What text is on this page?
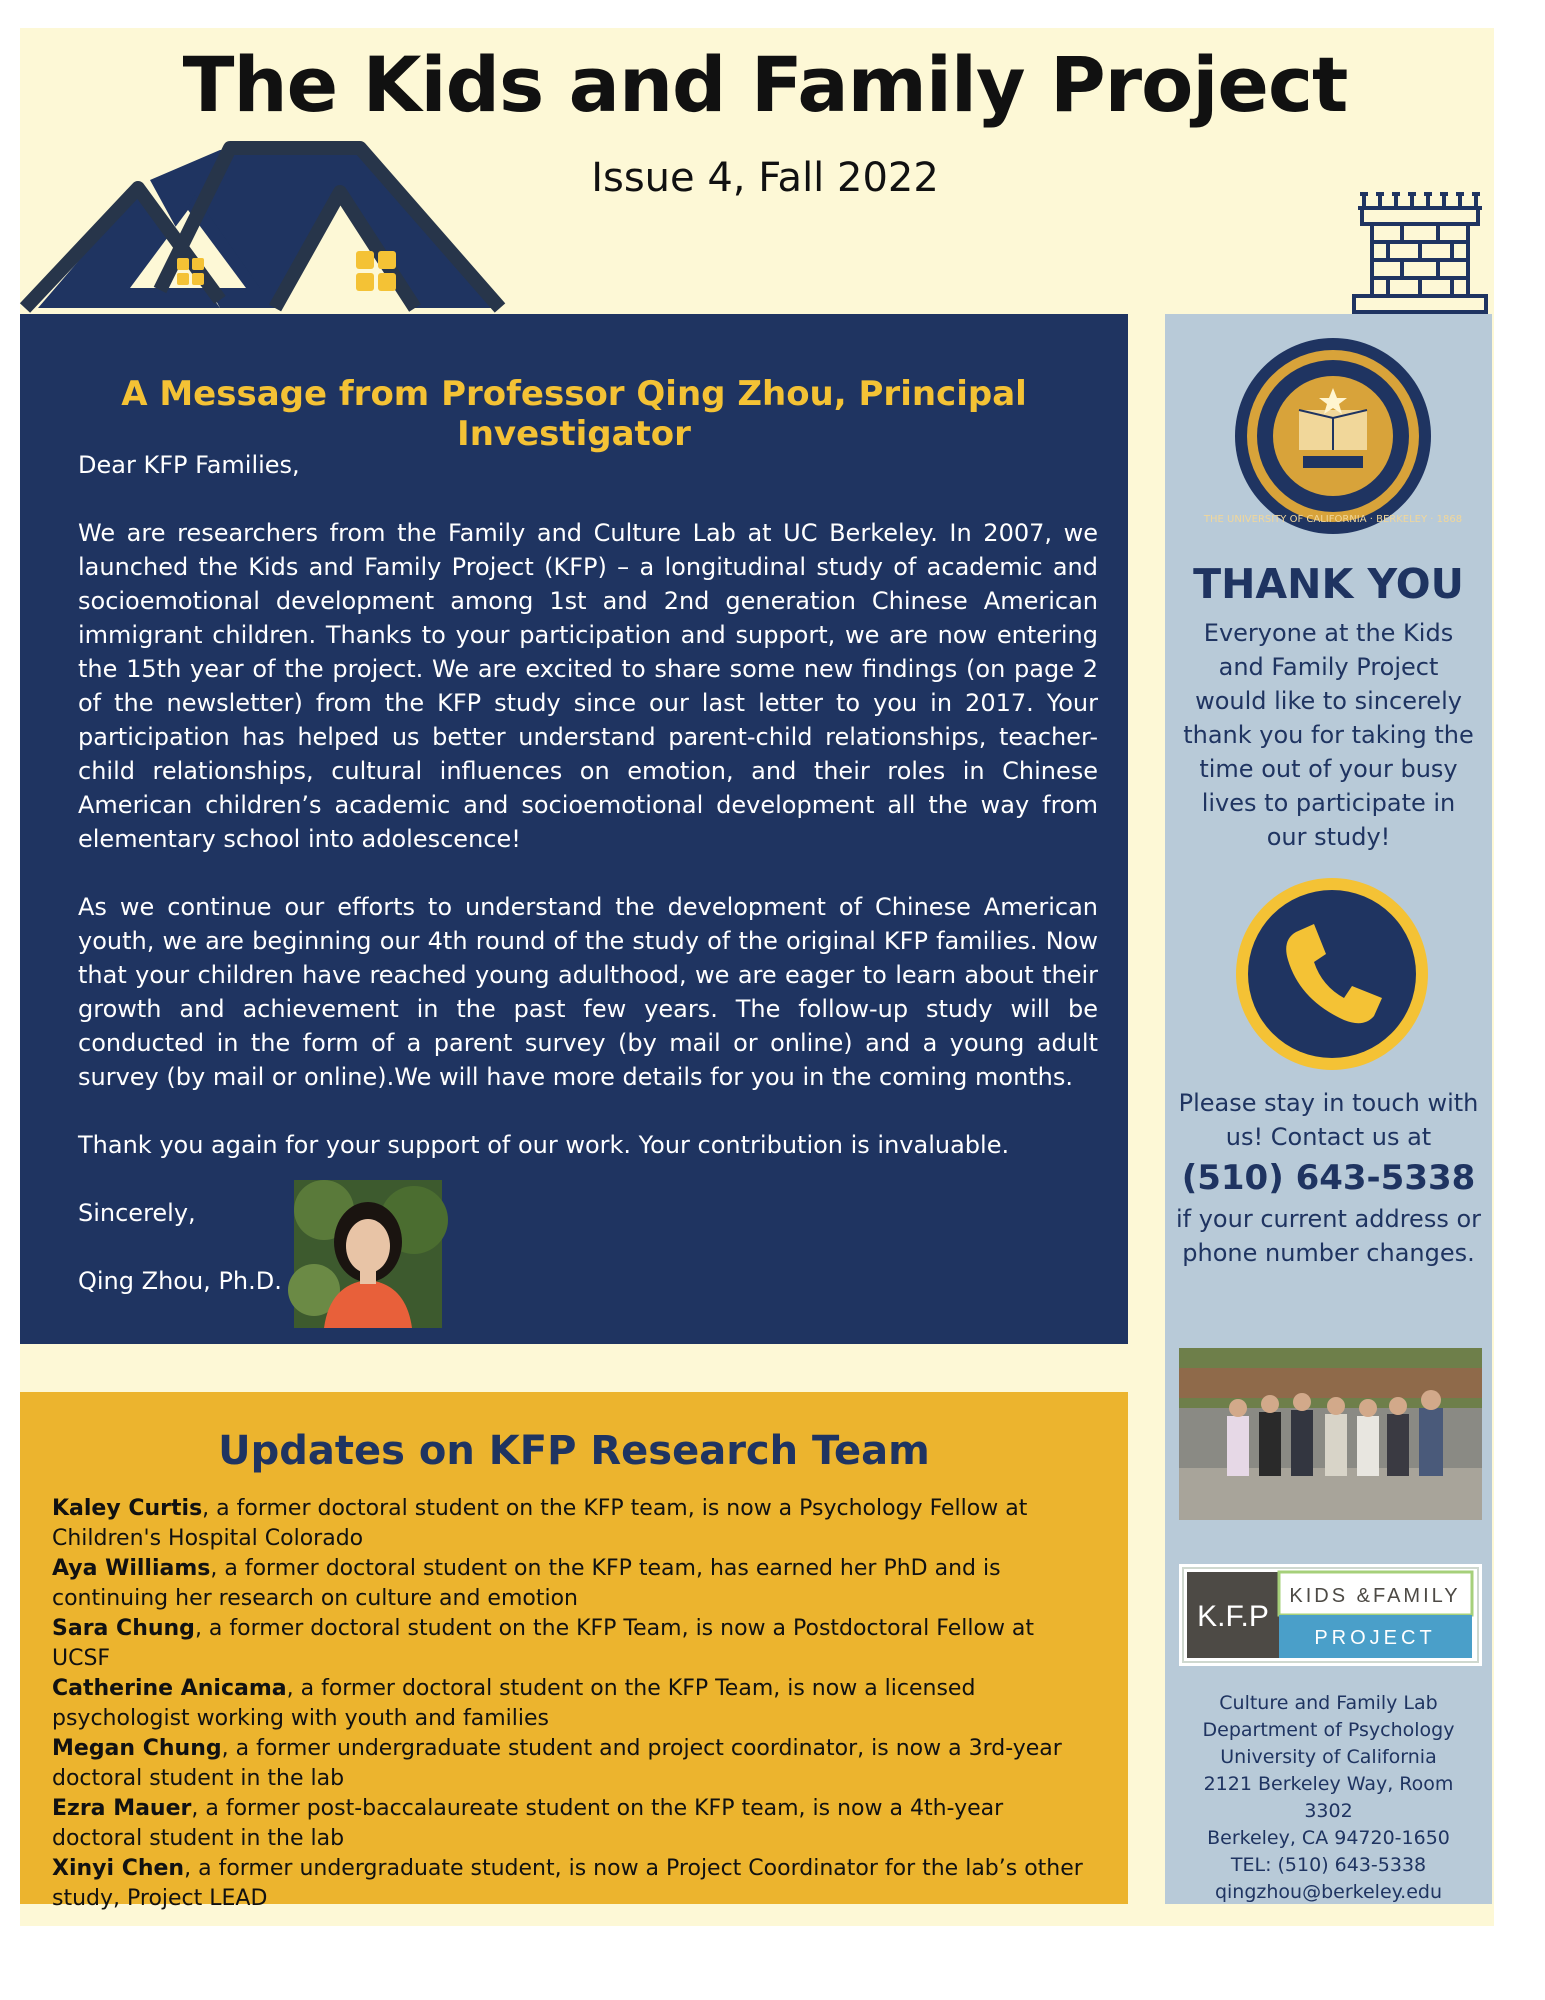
The Kids and Family Project
Issue 4, Fall 2022
A Message from Professor Qing Zhou, Principal Investigator

Dear KFP Families,

We are researchers from the Family and Culture Lab at UC Berkeley. In 2007, we launched the Kids and Family Project (KFP) – a longitudinal study of academic and socioemotional development among 1st and 2nd generation Chinese American immigrant children. Thanks to your participation and support, we are now entering the 15th year of the project. We are excited to share some new findings (on page 2 of the newsletter) from the KFP study since our last letter to you in 2017. Your participation has helped us better understand parent-child relationships, teacher-child relationships, cultural influences on emotion, and their roles in Chinese American children’s academic and socioemotional development all the way from elementary school into adolescence!

As we continue our efforts to understand the development of Chinese American youth, we are beginning our 4th round of the study of the original KFP families. Now that your children have reached young adulthood, we are eager to learn about their growth and achievement in the past few years. The follow-up study will be conducted in the form of a parent survey (by mail or online) and a young adult survey (by mail or online).We will have more details for you in the coming months.

Thank you again for your support of our work. Your contribution is invaluable.

Sincerely,

Qing Zhou, Ph.D.

THE UNIVERSITY OF CALIFORNIA · BERKELEY · 1868
THANK YOU
Everyone at the Kids and Family Project would like to sincerely thank you for taking the time out of your busy lives to participate in our study!
Please stay in touch with us! Contact us at
(510) 643-5338
if your current address or phone number changes.
K.F.P
KIDS &FAMILY
PROJECT
Culture and Family Lab
Department of Psychology
University of California
2121 Berkeley Way, Room
3302
Berkeley, CA 94720-1650
TEL: (510) 643-5338
qingzhou@berkeley.edu
Updates on KFP Research Team
Kaley Curtis, a former doctoral student on the KFP team, is now a Psychology Fellow at Children's Hospital Colorado
Aya Williams, a former doctoral student on the KFP team, has earned her PhD and is continuing her research on culture and emotion
Sara Chung, a former doctoral student on the KFP Team, is now a Postdoctoral Fellow at UCSF
Catherine Anicama, a former doctoral student on the KFP Team, is now a licensed psychologist working with youth and families
Megan Chung, a former undergraduate student and project coordinator, is now a 3rd-year doctoral student in the lab
Ezra Mauer, a former post-baccalaureate student on the KFP team, is now a 4th-year doctoral student in the lab
Xinyi Chen, a former undergraduate student, is now a Project Coordinator for the lab’s other study, Project LEAD
